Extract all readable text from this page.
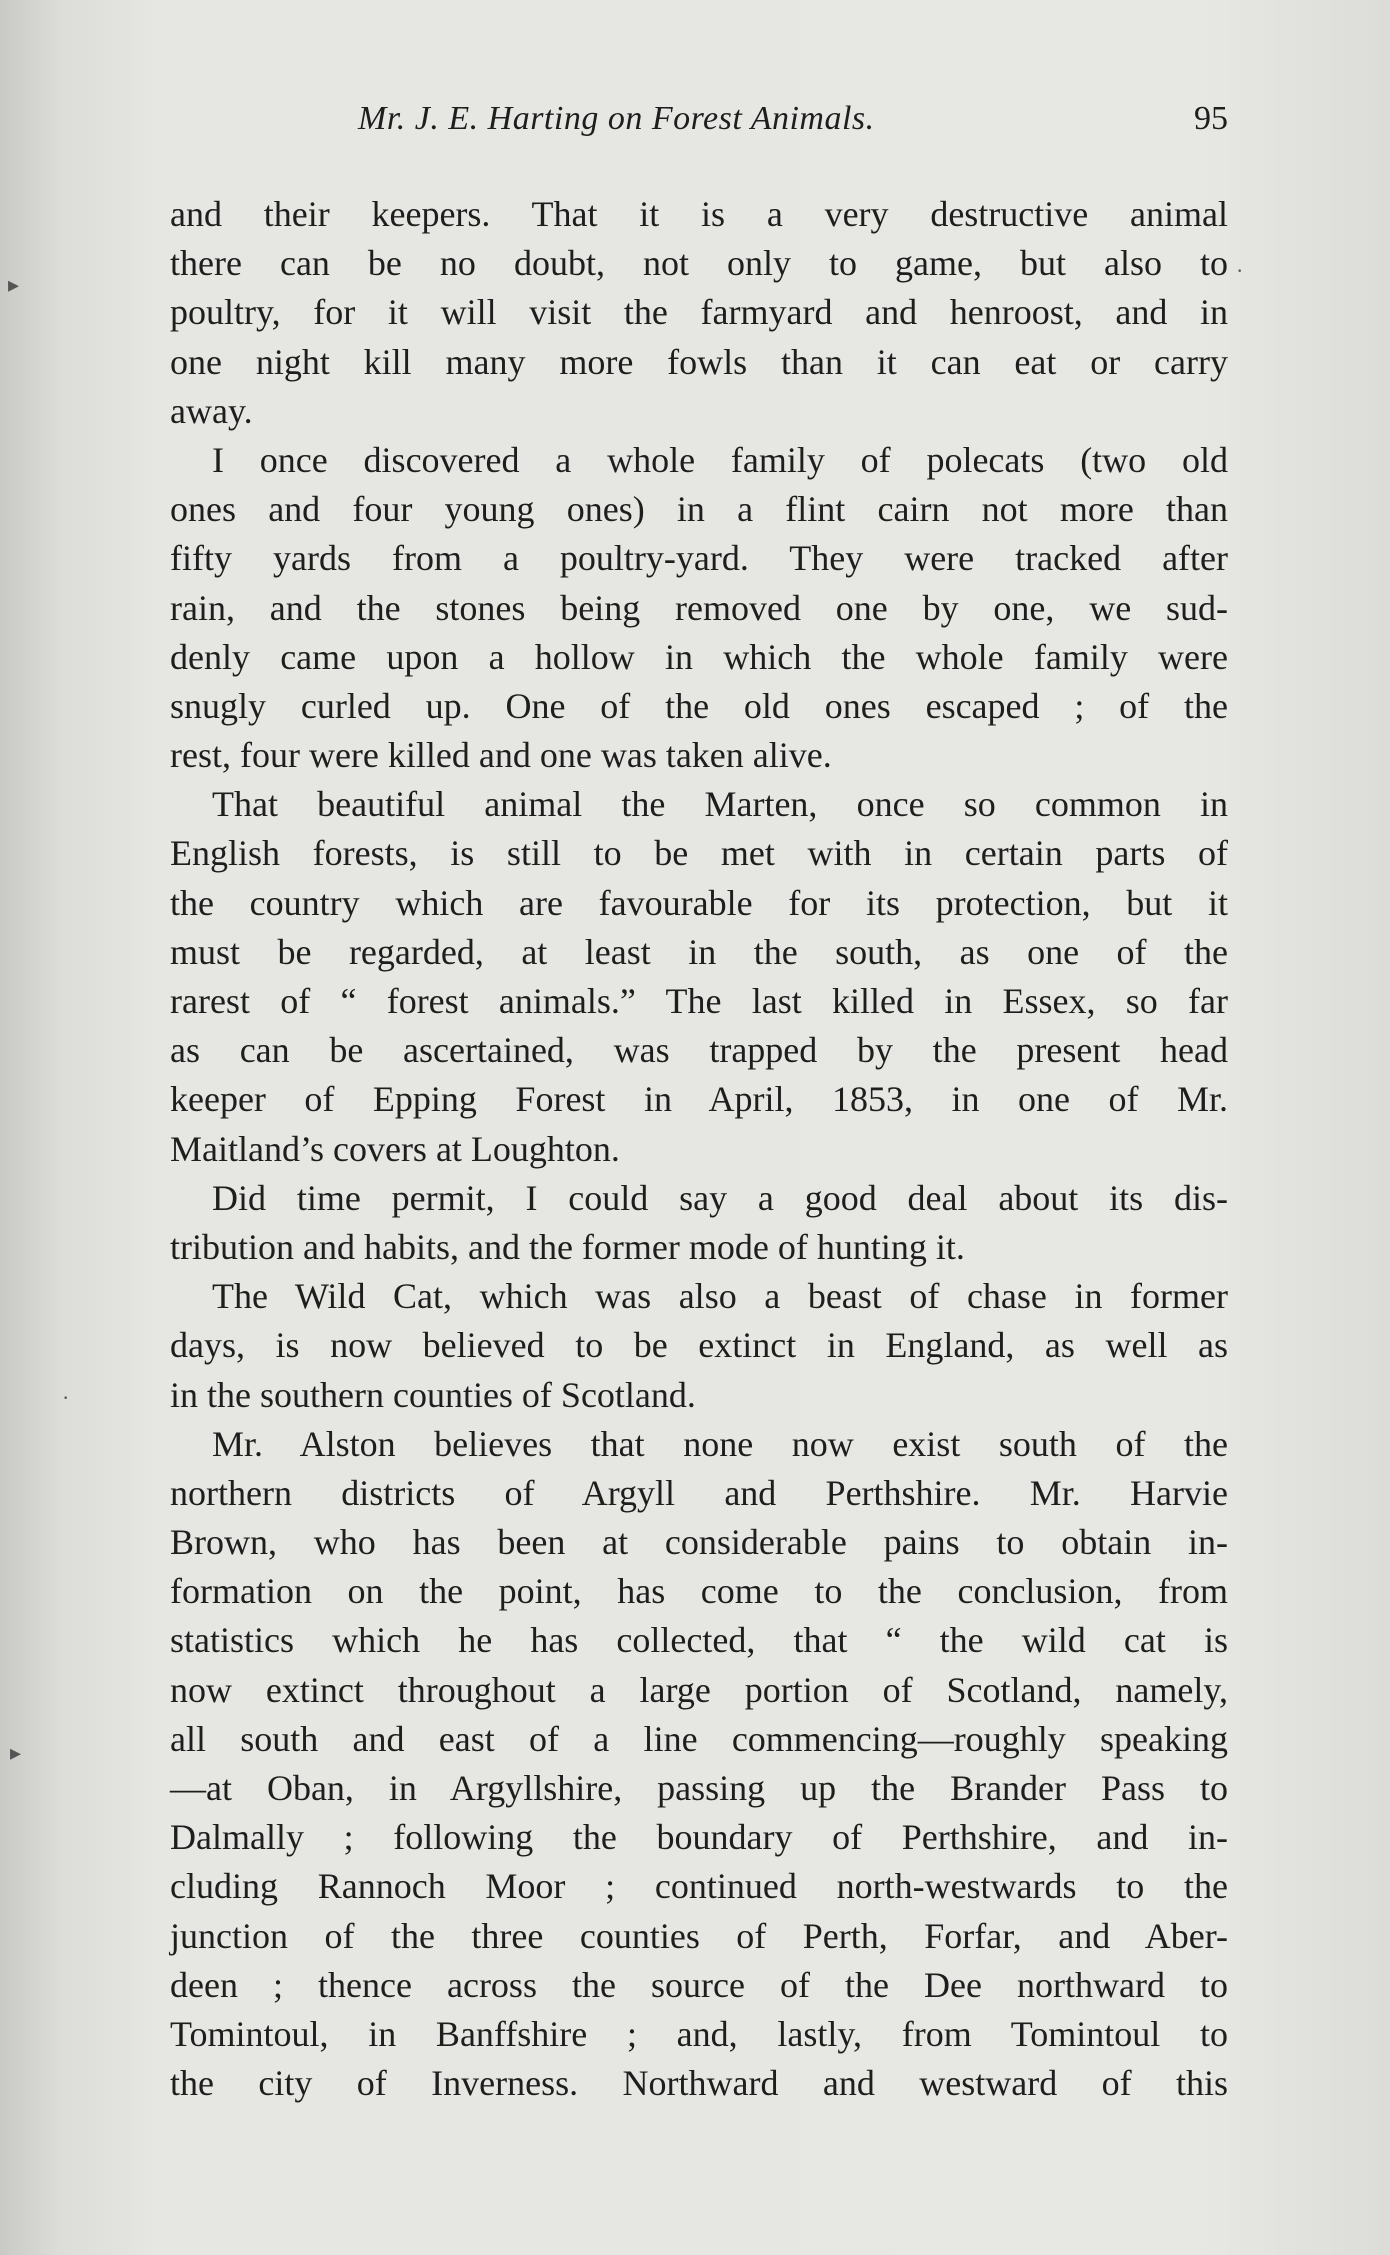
Mr. J. E. Harting on Forest Animals.	95
and their keepers. That it is a very destructive animal
there can be no doubt, not only to game, but also to
poultry, for it will visit the farmyard and henroost, and in
one night kill many more fowls than it can eat or carry
away.
I once discovered a whole family of polecats (two old
ones and four young ones) in a flint cairn not more than
fifty yards from a poultry-yard. They were tracked after
rain, and the stones being removed one by one, we sud-
denly came upon a hollow in which the whole family were
snugly curled up. One of the old ones escaped ; of the
rest, four were killed and one was taken alive.
That beautiful animal the Marten, once so common in
English forests, is still to be met with in certain parts of
the country which are favourable for its protection, but it
must be regarded, at least in the south, as one of the
rarest of “ forest animals.” The last killed in Essex, so far
as can be ascertained, was trapped by the present head
keeper of Epping Forest in April, 1853, in one of Mr.
Maitland’s covers at Loughton.
Did time permit, I could say a good deal about its dis-
tribution and habits, and the former mode of hunting it.
The Wild Cat, which was also a beast of chase in former
days, is now believed to be extinct in England, as well as
in the southern counties of Scotland.
Mr. Alston believes that none now exist south of the
northern districts of Argyll and Perthshire. Mr. Harvie
Brown, who has been at considerable pains to obtain in-
formation on the point, has come to the conclusion, from
statistics which he has collected, that “ the wild cat is
now extinct throughout a large portion of Scotland, namely,
all south and east of a line commencing—roughly speaking
—at Oban, in Argyllshire, passing up the Brander Pass to
Dalmally ; following the boundary of Perthshire, and in-
cluding Rannoch Moor ; continued north-westwards to the
junction of the three counties of Perth, Forfar, and Aber-
deen ; thence across the source of the Dee northward to
Tomintoul, in Banffshire ; and, lastly, from Tomintoul to
the city of Inverness. Northward and westward of this
▸
·
·
▸
